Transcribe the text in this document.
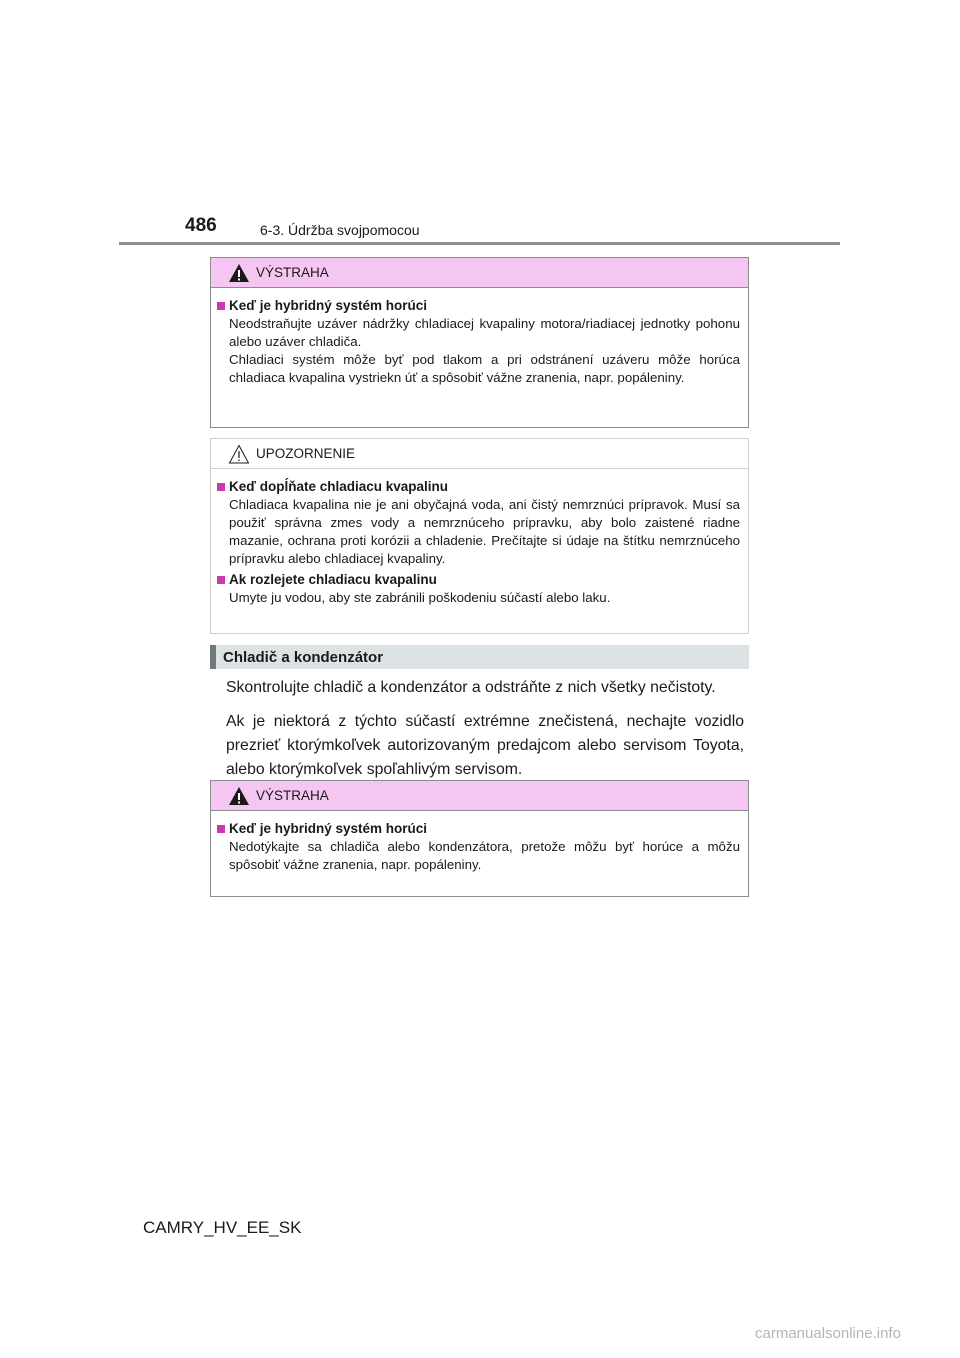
486	6-3. Údržba svojpomocou
VÝSTRAHA
Keď je hybridný systém horúci
Neodstraňujte uzáver nádržky chladiacej kvapaliny motora/riadiacej jednotky pohonu alebo uzáver chladiča.
Chladiaci systém môže byť pod tlakom a pri odstránení uzáveru môže horúca chladiaca kvapalina vystriekn úť a spôsobiť vážne zranenia, napr. popáleniny.
UPOZORNENIE
Keď dopĺňate chladiacu kvapalinu
Chladiaca kvapalina nie je ani obyčajná voda, ani čistý nemrznúci prípravok. Musí sa použiť správna zmes vody a nemrznúceho prípravku, aby bolo zaistené riadne mazanie, ochrana proti korózii a chladenie. Prečítajte si údaje na štítku nemrznúceho prípravku alebo chladiacej kvapaliny.
Ak rozlejete chladiacu kvapalinu
Umyte ju vodou, aby ste zabránili poškodeniu súčastí alebo laku.
Chladič a kondenzátor
Skontrolujte chladič a kondenzátor a odstráňte z nich všetky nečistoty.
Ak je niektorá z týchto súčastí extrémne znečistená, nechajte vozidlo prezrieť ktorýmkoľvek autorizovaným predajcom alebo servisom Toyota, alebo ktorýmkoľvek spoľahlivým servisom.
VÝSTRAHA
Keď je hybridný systém horúci
Nedotýkajte sa chladiča alebo kondenzátora, pretože môžu byť horúce a môžu spôsobiť vážne zranenia, napr. popáleniny.
CAMRY_HV_EE_SK
carmanualsonline.info
